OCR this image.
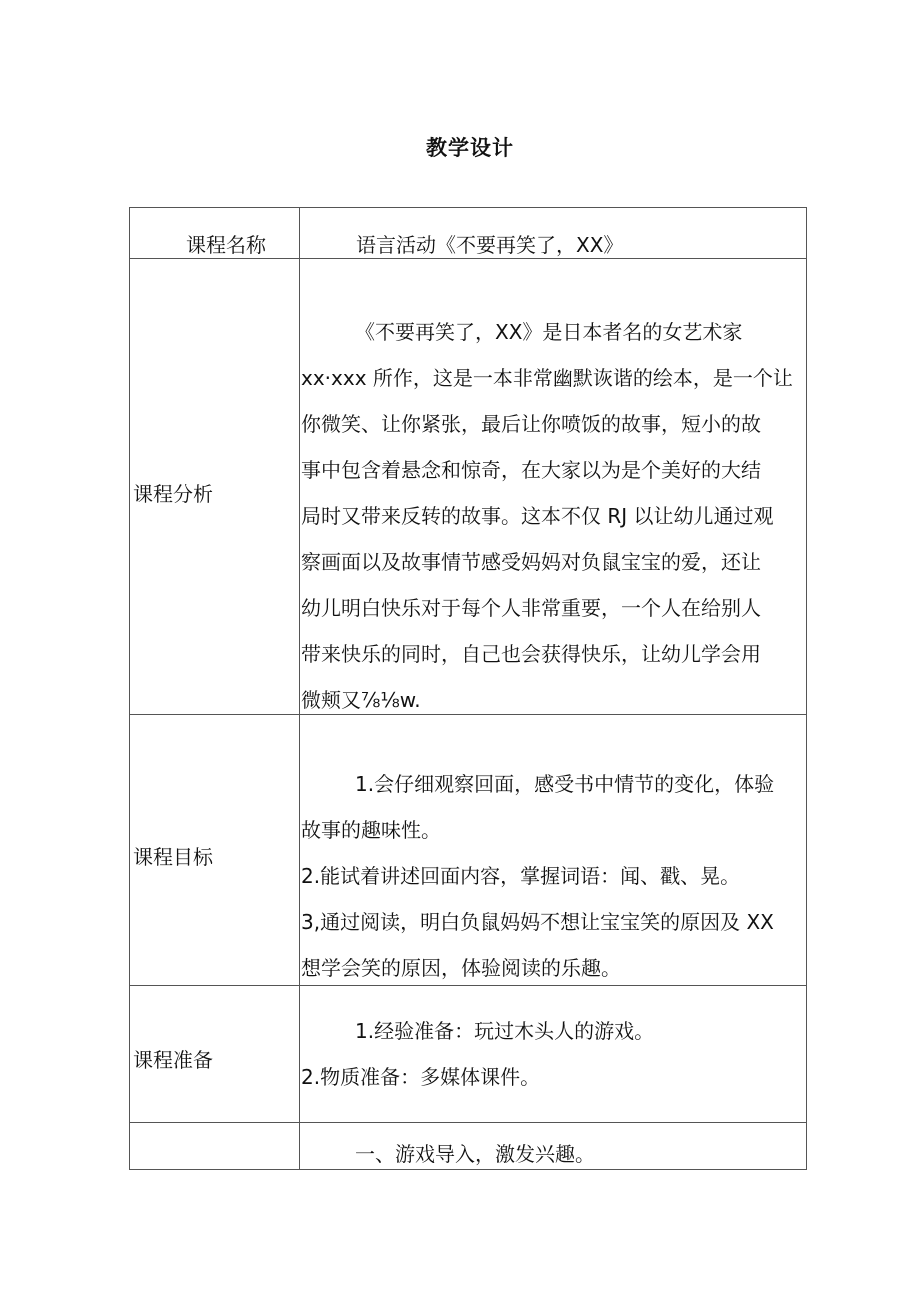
教学设计
课程名称	语言活动《不要再笑了，XX》
课程分析
《不要再笑了，XX》是日本者名的女艺术家
xx·xxx 所作，这是一本非常幽默诙谐的绘本，是一个让
你微笑、让你紧张，最后让你喷饭的故事，短小的故
事中包含着悬念和惊奇，在大家以为是个美好的大结
局时又带来反转的故事。这本不仅 RJ 以让幼儿通过观
察画面以及故事情节感受妈妈对负鼠宝宝的爱，还让
幼儿明白快乐对于每个人非常重要，一个人在给别人
带来快乐的同时，自己也会获得快乐，让幼儿学会用
微颊又⅞⅛w.
课程目标
1.会仔细观察回面，感受书中情节的变化，体验
故事的趣味性。
2.能试着讲述回面内容，掌握词语：闻、戳、晃。
3,通过阅读，明白负鼠妈妈不想让宝宝笑的原因及 XX
想学会笑的原因，体验阅读的乐趣。
课程准备
1.经验准备：玩过木头人的游戏。
2.物质准备：多媒体课件。
一、游戏导入，激发兴趣。
